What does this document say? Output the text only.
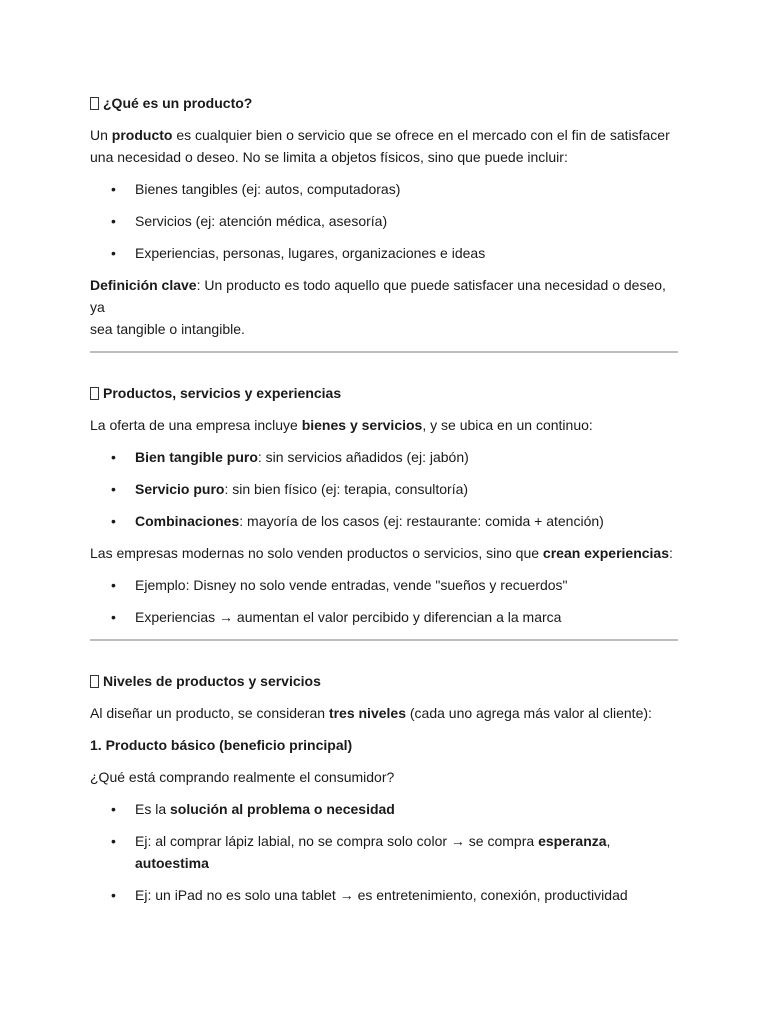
¿Qué es un producto?

Un producto es cualquier bien o servicio que se ofrece en el mercado con el fin de satisfacer
una necesidad o deseo. No se limita a objetos físicos, sino que puede incluir:

• Bienes tangibles (ej: autos, computadoras)
• Servicios (ej: atención médica, asesoría)
• Experiencias, personas, lugares, organizaciones e ideas

Definición clave: Un producto es todo aquello que puede satisfacer una necesidad o deseo, ya
sea tangible o intangible.

Productos, servicios y experiencias

La oferta de una empresa incluye bienes y servicios, y se ubica en un continuo:

• Bien tangible puro: sin servicios añadidos (ej: jabón)
• Servicio puro: sin bien físico (ej: terapia, consultoría)
• Combinaciones: mayoría de los casos (ej: restaurante: comida + atención)

Las empresas modernas no solo venden productos o servicios, sino que crean experiencias:

• Ejemplo: Disney no solo vende entradas, vende "sueños y recuerdos"
• Experiencias → aumentan el valor percibido y diferencian a la marca
Niveles de productos y servicios

Al diseñar un producto, se consideran tres niveles (cada uno agrega más valor al cliente):

1. Producto básico (beneficio principal)

¿Qué está comprando realmente el consumidor?

• Es la solución al problema o necesidad
• Ej: al comprar lápiz labial, no se compra solo color → se compra esperanza, autoestima
• Ej: un iPad no es solo una tablet → es entretenimiento, conexión, productividad
